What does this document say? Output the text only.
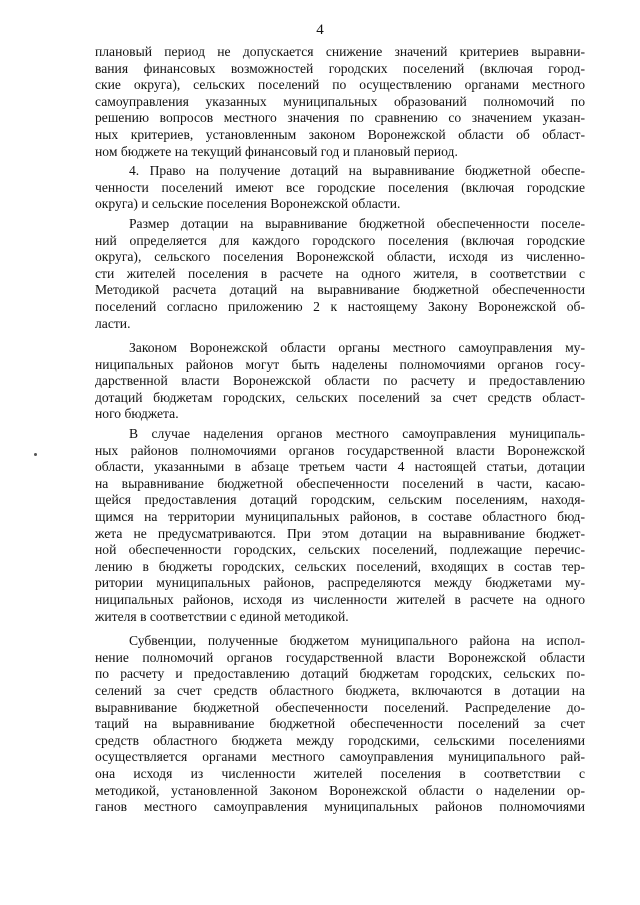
4
плановый период не допускается снижение значений критериев выравни-
вания финансовых возможностей городских поселений (включая город-
ские округа), сельских поселений по осуществлению органами местного
самоуправления указанных муниципальных образований полномочий по
решению вопросов местного значения по сравнению со значением указан-
ных критериев, установленным законом Воронежской области об област-
ном бюджете на текущий финансовый год и плановый период.
4. Право на получение дотаций на выравнивание бюджетной обеспе-
ченности поселений имеют все городские поселения (включая городские
округа) и сельские поселения Воронежской области.
Размер дотации на выравнивание бюджетной обеспеченности поселе-
ний определяется для каждого городского поселения (включая городские
округа), сельского поселения Воронежской области, исходя из численно-
сти жителей поселения в расчете на одного жителя, в соответствии с
Методикой расчета дотаций на выравнивание бюджетной обеспеченности
поселений согласно приложению 2 к настоящему Закону Воронежской об-
ласти.
Законом Воронежской области органы местного самоуправления му-
ниципальных районов могут быть наделены полномочиями органов госу-
дарственной власти Воронежской области по расчету и предоставлению
дотаций бюджетам городских, сельских поселений за счет средств област-
ного бюджета.
В случае наделения органов местного самоуправления муниципаль-
ных районов полномочиями органов государственной власти Воронежской
области, указанными в абзаце третьем части 4 настоящей статьи, дотации
на выравнивание бюджетной обеспеченности поселений в части, касаю-
щейся предоставления дотаций городским, сельским поселениям, находя-
щимся на территории муниципальных районов, в составе областного бюд-
жета не предусматриваются. При этом дотации на выравнивание бюджет-
ной обеспеченности городских, сельских поселений, подлежащие перечис-
лению в бюджеты городских, сельских поселений, входящих в состав тер-
ритории муниципальных районов, распределяются между бюджетами му-
ниципальных районов, исходя из численности жителей в расчете на одного
жителя в соответствии с единой методикой.
Субвенции, полученные бюджетом муниципального района на испол-
нение полномочий органов государственной власти Воронежской области
по расчету и предоставлению дотаций бюджетам городских, сельских по-
селений за счет средств областного бюджета, включаются в дотации на
выравнивание бюджетной обеспеченности поселений. Распределение до-
таций на выравнивание бюджетной обеспеченности поселений за счет
средств областного бюджета между городскими, сельскими поселениями
осуществляется органами местного самоуправления муниципального рай-
она исходя из численности жителей поселения в соответствии с
методикой, установленной Законом Воронежской области о наделении ор-
ганов местного самоуправления муниципальных районов полномочиями
